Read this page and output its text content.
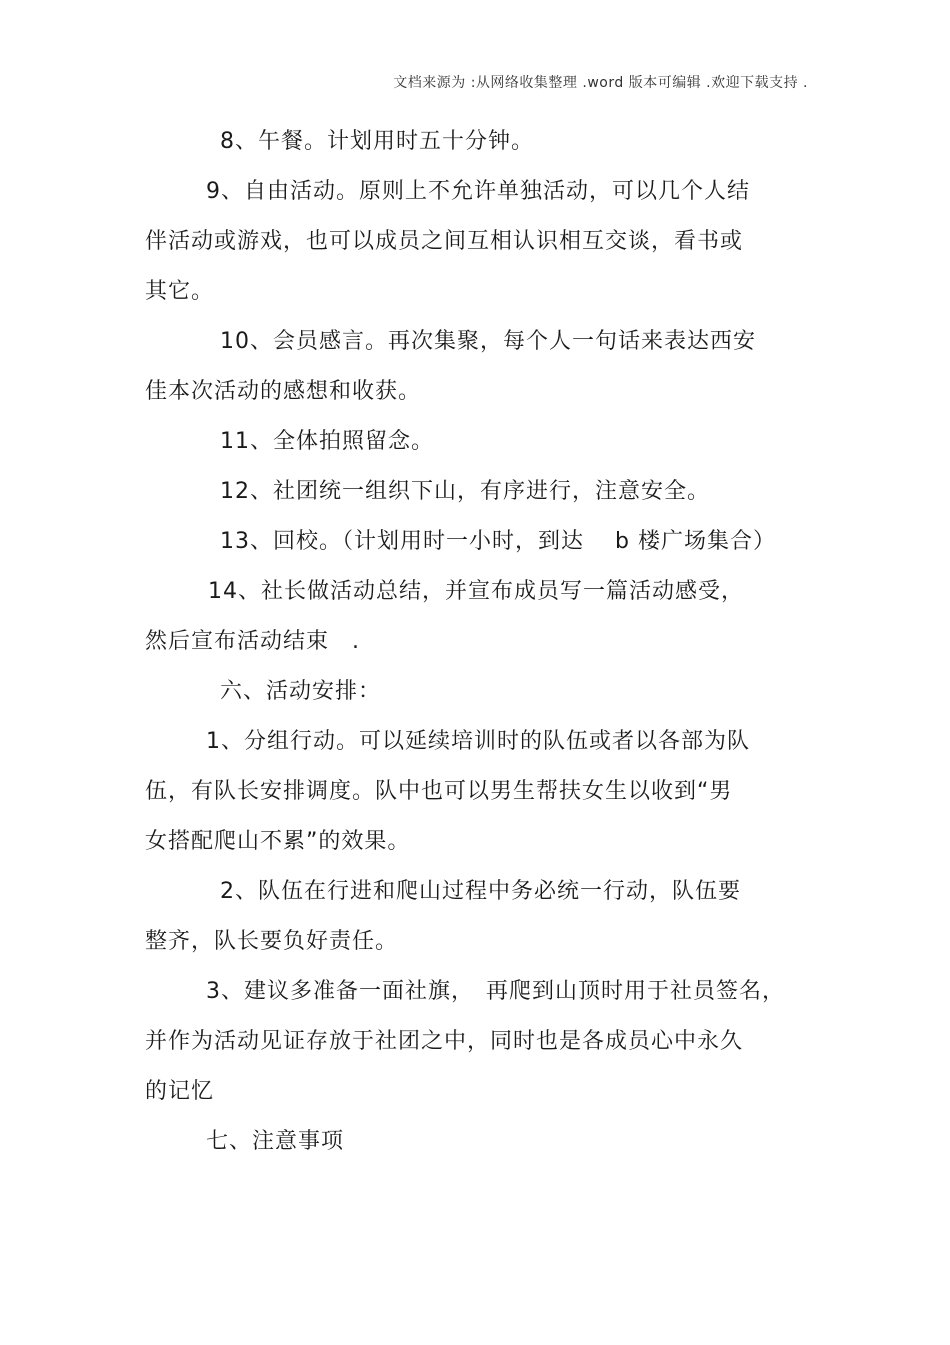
文档来源为 :从网络收集整理 .word 版本可编辑 .欢迎下载支持 .
8、午餐。计划用时五十分钟。
9、自由活动。原则上不允许单独活动，可以几个人结
伴活动或游戏，也可以成员之间互相认识相互交谈，看书或
其它。
10、会员感言。再次集聚，每个人一句话来表达西安
佳本次活动的感想和收获。
11、全体拍照留念。
12、社团统一组织下山，有序进行，注意安全。
13、回校。（计划用时一小时，到达　 b 楼广场集合）
14、社长做活动总结，并宣布成员写一篇活动感受，
然后宣布活动结束　.
六、活动安排：
1、分组行动。可以延续培训时的队伍或者以各部为队
伍，有队长安排调度。队中也可以男生帮扶女生以收到“男
女搭配爬山不累”的效果。
2、队伍在行进和爬山过程中务必统一行动，队伍要
整齐，队长要负好责任。
3、建议多准备一面社旗，　再爬到山顶时用于社员签名，
并作为活动见证存放于社团之中，同时也是各成员心中永久
的记忆
七、注意事项
